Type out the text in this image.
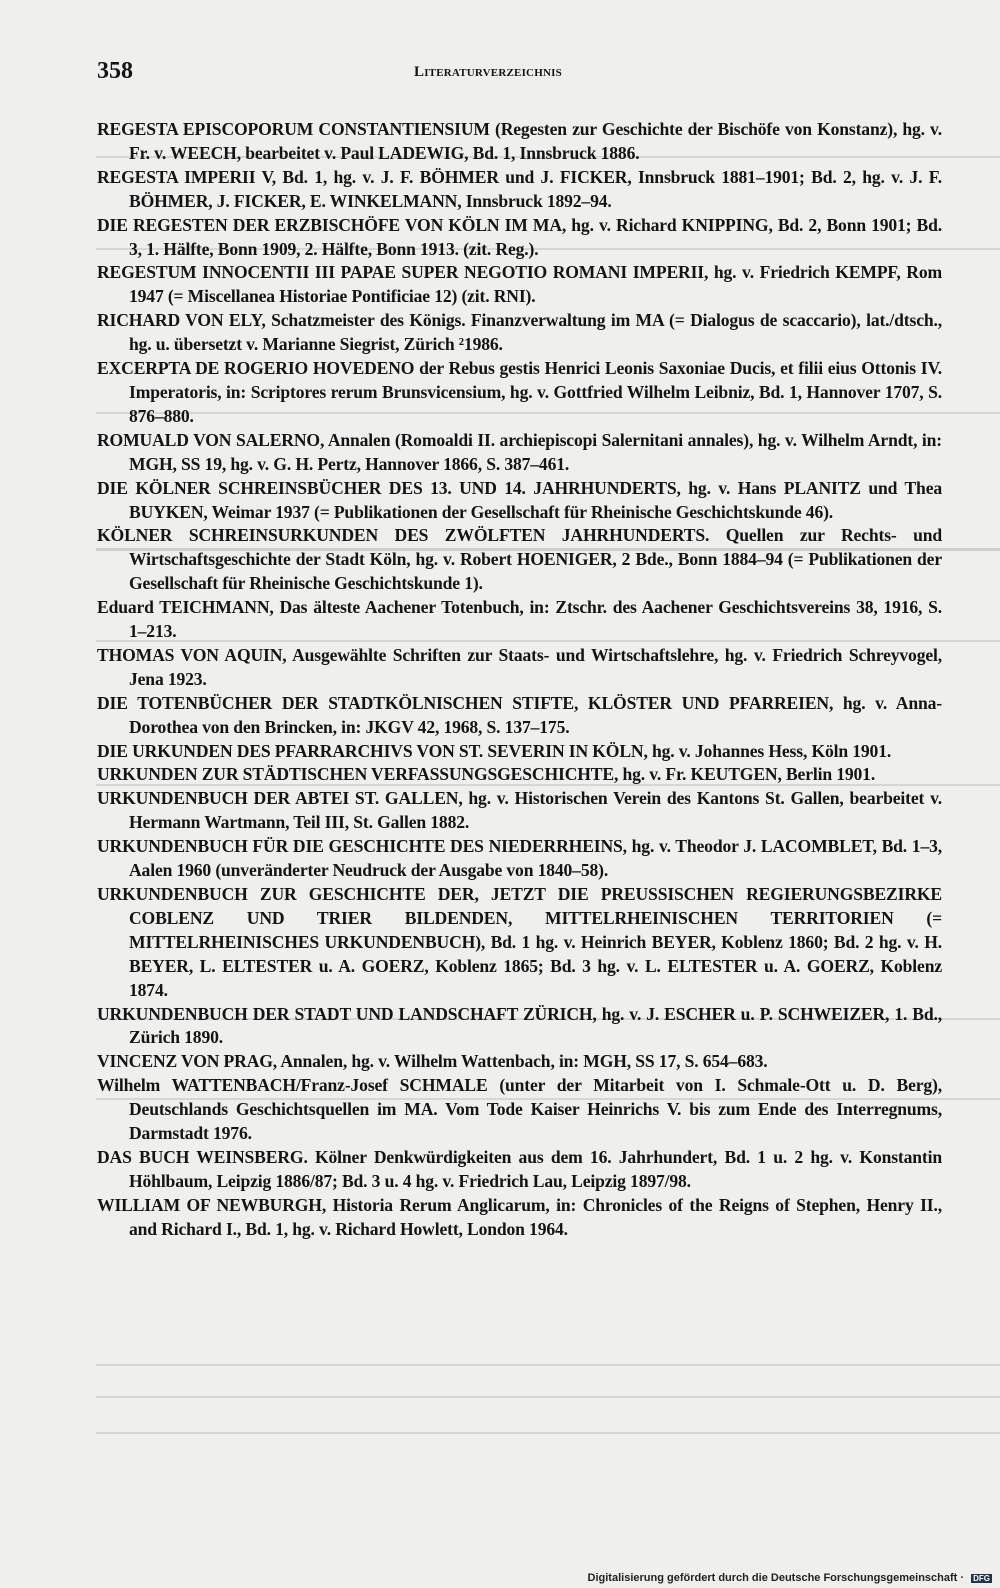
358	Literaturverzeichnis

REGESTA EPISCOPORUM CONSTANTIENSIUM (Regesten zur Geschichte der Bischöfe von Konstanz), hg. v. Fr. v. WEECH, bearbeitet v. Paul LADEWIG, Bd. 1, Innsbruck 1886.

REGESTA IMPERII V, Bd. 1, hg. v. J. F. BÖHMER und J. FICKER, Innsbruck 1881–1901; Bd. 2, hg. v. J. F. BÖHMER, J. FICKER, E. WINKELMANN, Innsbruck 1892–94.

DIE REGESTEN DER ERZBISCHÖFE VON KÖLN IM MA, hg. v. Richard KNIPPING, Bd. 2, Bonn 1901; Bd. 3, 1. Hälfte, Bonn 1909, 2. Hälfte, Bonn 1913. (zit. Reg.).

REGESTUM INNOCENTII III PAPAE SUPER NEGOTIO ROMANI IMPERII, hg. v. Friedrich KEMPF, Rom 1947 (= Miscellanea Historiae Pontificiae 12) (zit. RNI).

RICHARD VON ELY, Schatzmeister des Königs. Finanzverwaltung im MA (= Dialogus de scaccario), lat./dtsch., hg. u. übersetzt v. Marianne Siegrist, Zürich ²1986.

EXCERPTA DE ROGERIO HOVEDENO der Rebus gestis Henrici Leonis Saxoniae Ducis, et filii eius Ottonis IV. Imperatoris, in: Scriptores rerum Brunsvicensium, hg. v. Gottfried Wilhelm Leibniz, Bd. 1, Hannover 1707, S. 876–880.

ROMUALD VON SALERNO, Annalen (Romoaldi II. archiepiscopi Salernitani annales), hg. v. Wilhelm Arndt, in: MGH, SS 19, hg. v. G. H. Pertz, Hannover 1866, S. 387–461.

DIE KÖLNER SCHREINSBÜCHER DES 13. UND 14. JAHRHUNDERTS, hg. v. Hans PLANITZ und Thea BUYKEN, Weimar 1937 (= Publikationen der Gesellschaft für Rheinische Geschichtskunde 46).

KÖLNER SCHREINSURKUNDEN DES ZWÖLFTEN JAHRHUNDERTS. Quellen zur Rechts- und Wirtschaftsgeschichte der Stadt Köln, hg. v. Robert HOENIGER, 2 Bde., Bonn 1884–94 (= Publikationen der Gesellschaft für Rheinische Geschichtskunde 1).

Eduard TEICHMANN, Das älteste Aachener Totenbuch, in: Ztschr. des Aachener Geschichtsvereins 38, 1916, S. 1–213.

THOMAS VON AQUIN, Ausgewählte Schriften zur Staats- und Wirtschaftslehre, hg. v. Friedrich Schreyvogel, Jena 1923.

DIE TOTENBÜCHER DER STADTKÖLNISCHEN STIFTE, KLÖSTER UND PFARREIEN, hg. v. Anna-Dorothea von den Brincken, in: JKGV 42, 1968, S. 137–175.

DIE URKUNDEN DES PFARRARCHIVS VON ST. SEVERIN IN KÖLN, hg. v. Johannes Hess, Köln 1901.

URKUNDEN ZUR STÄDTISCHEN VERFASSUNGSGESCHICHTE, hg. v. Fr. KEUTGEN, Berlin 1901.

URKUNDENBUCH DER ABTEI ST. GALLEN, hg. v. Historischen Verein des Kantons St. Gallen, bearbeitet v. Hermann Wartmann, Teil III, St. Gallen 1882.

URKUNDENBUCH FÜR DIE GESCHICHTE DES NIEDERRHEINS, hg. v. Theodor J. LACOMBLET, Bd. 1–3, Aalen 1960 (unveränderter Neudruck der Ausgabe von 1840–58).

URKUNDENBUCH ZUR GESCHICHTE DER, JETZT DIE PREUSSISCHEN REGIERUNGSBEZIRKE COBLENZ UND TRIER BILDENDEN, MITTELRHEINISCHEN TERRITORIEN (= MITTELRHEINISCHES URKUNDENBUCH), Bd. 1 hg. v. Heinrich BEYER, Koblenz 1860; Bd. 2 hg. v. H. BEYER, L. ELTESTER u. A. GOERZ, Koblenz 1865; Bd. 3 hg. v. L. ELTESTER u. A. GOERZ, Koblenz 1874.

URKUNDENBUCH DER STADT UND LANDSCHAFT ZÜRICH, hg. v. J. ESCHER u. P. SCHWEIZER, 1. Bd., Zürich 1890.

VINCENZ VON PRAG, Annalen, hg. v. Wilhelm Wattenbach, in: MGH, SS 17, S. 654–683.

Wilhelm WATTENBACH/Franz-Josef SCHMALE (unter der Mitarbeit von I. Schmale-Ott u. D. Berg), Deutschlands Geschichtsquellen im MA. Vom Tode Kaiser Heinrichs V. bis zum Ende des Interregnums, Darmstadt 1976.

DAS BUCH WEINSBERG. Kölner Denkwürdigkeiten aus dem 16. Jahrhundert, Bd. 1 u. 2 hg. v. Konstantin Höhlbaum, Leipzig 1886/87; Bd. 3 u. 4 hg. v. Friedrich Lau, Leipzig 1897/98.

WILLIAM OF NEWBURGH, Historia Rerum Anglicarum, in: Chronicles of the Reigns of Stephen, Henry II., and Richard I., Bd. 1, hg. v. Richard Howlett, London 1964.

Digitalisierung gefördert durch die Deutsche Forschungsgemeinschaft · DFG
